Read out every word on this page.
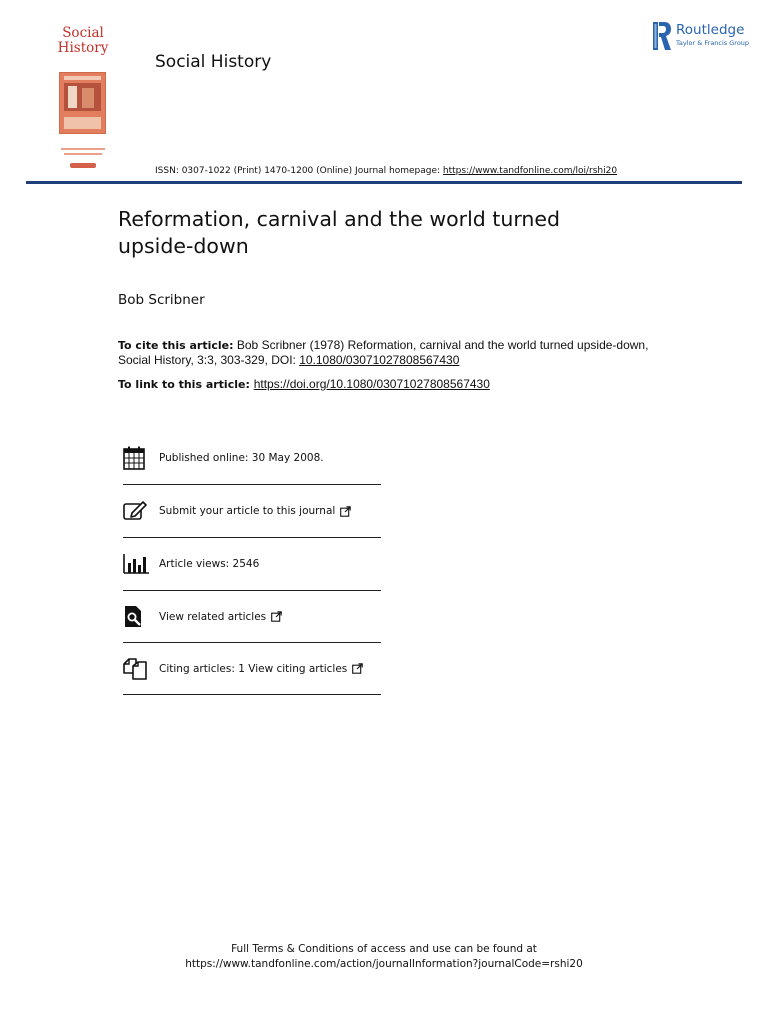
Social
History
Social History
Routledge
Taylor & Francis Group
ISSN: 0307-1022 (Print) 1470-1200 (Online) Journal homepage: https://www.tandfonline.com/loi/rshi20
Reformation, carnival and the world turned upside-down
Bob Scribner
To cite this article: Bob Scribner (1978) Reformation, carnival and the world turned upside-down, Social History, 3:3, 303-329, DOI: 10.1080/03071027808567430
To link to this article: https://doi.org/10.1080/03071027808567430
Published online: 30 May 2008.
Submit your article to this journal
Article views: 2546
View related articles
Citing articles: 1 View citing articles
Full Terms & Conditions of access and use can be found at
https://www.tandfonline.com/action/journalInformation?journalCode=rshi20
